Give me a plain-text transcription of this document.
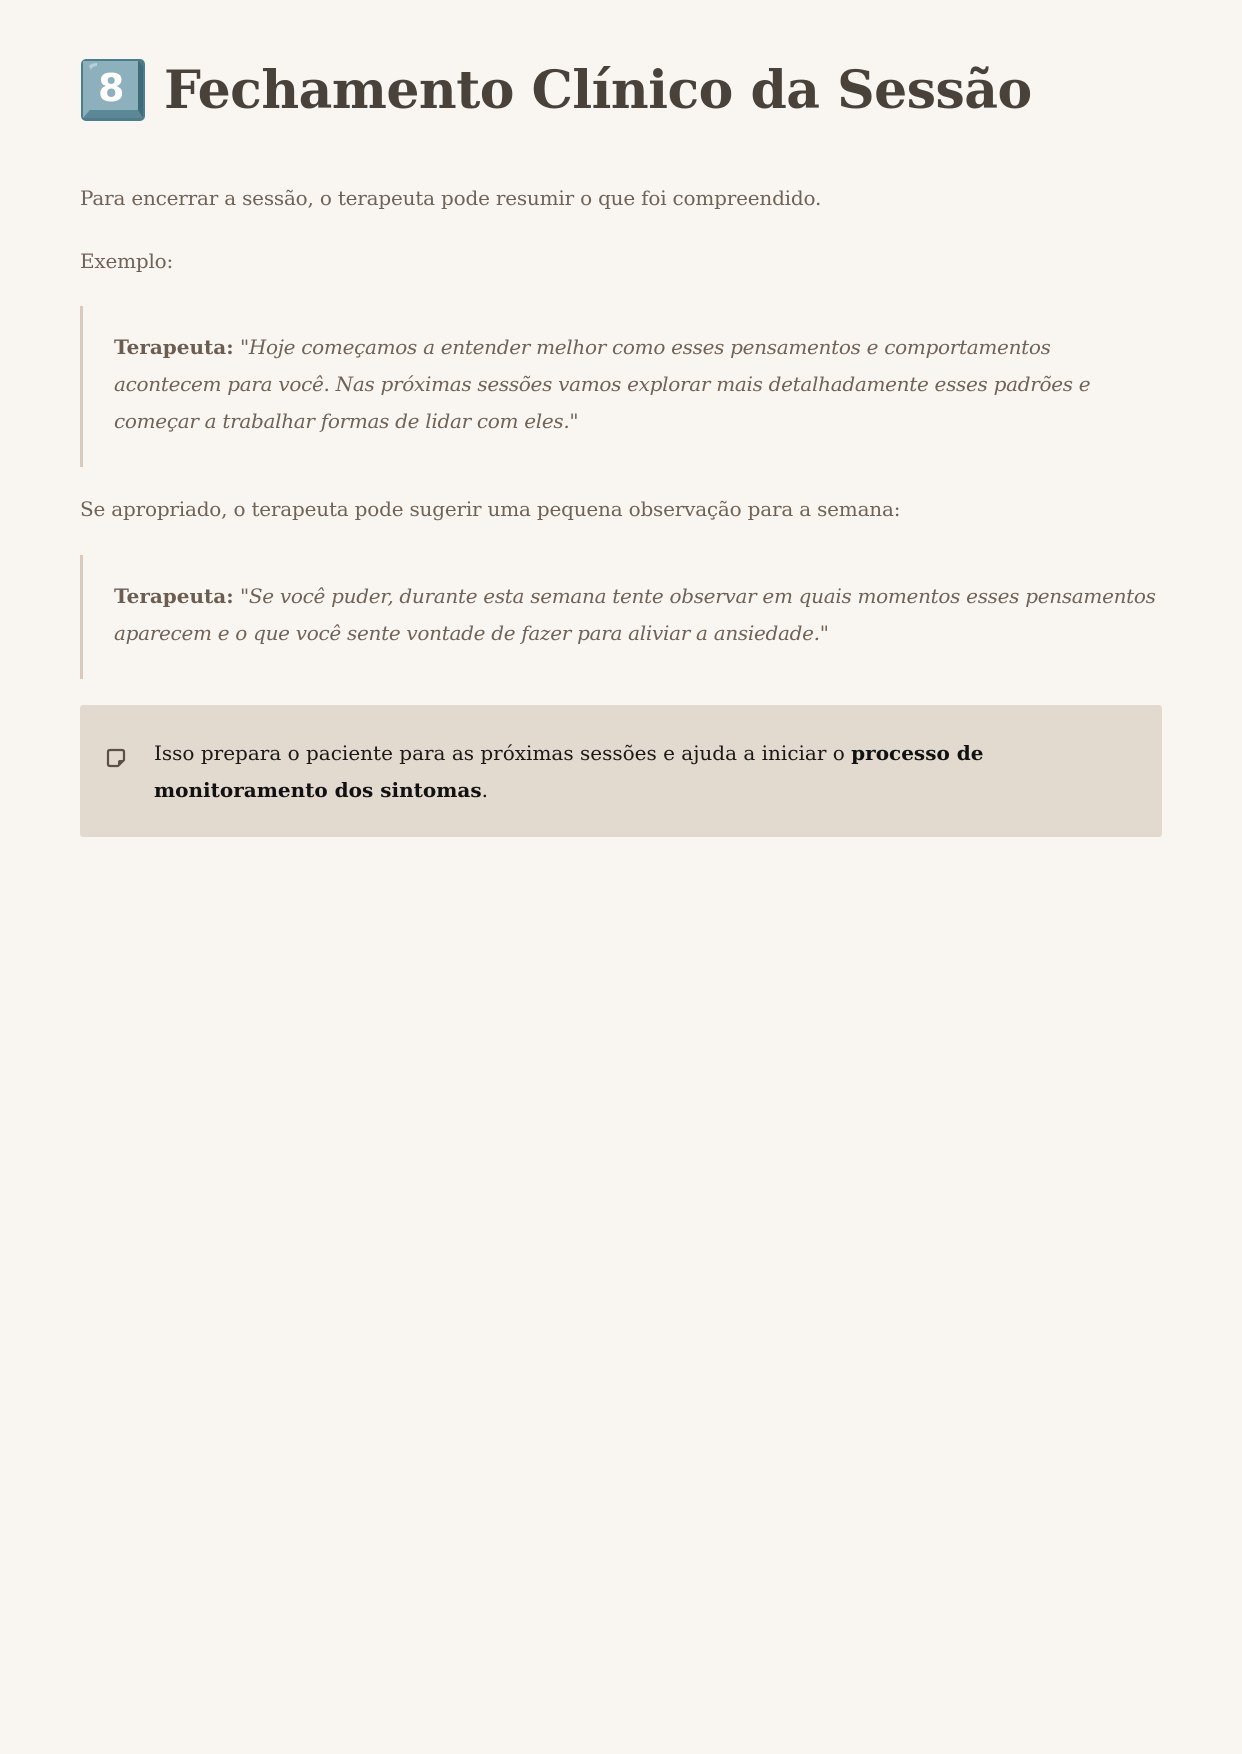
8 Fechamento Clínico da Sessão

Para encerrar a sessão, o terapeuta pode resumir o que foi compreendido.

Exemplo:

Terapeuta: "Hoje começamos a entender melhor como esses pensamentos e comportamentos acontecem para você. Nas próximas sessões vamos explorar mais detalhadamente esses padrões e começar a trabalhar formas de lidar com eles."

Se apropriado, o terapeuta pode sugerir uma pequena observação para a semana:

Terapeuta: "Se você puder, durante esta semana tente observar em quais momentos esses pensamentos aparecem e o que você sente vontade de fazer para aliviar a ansiedade."
Isso prepara o paciente para as próximas sessões e ajuda a iniciar o processo de monitoramento dos sintomas.
